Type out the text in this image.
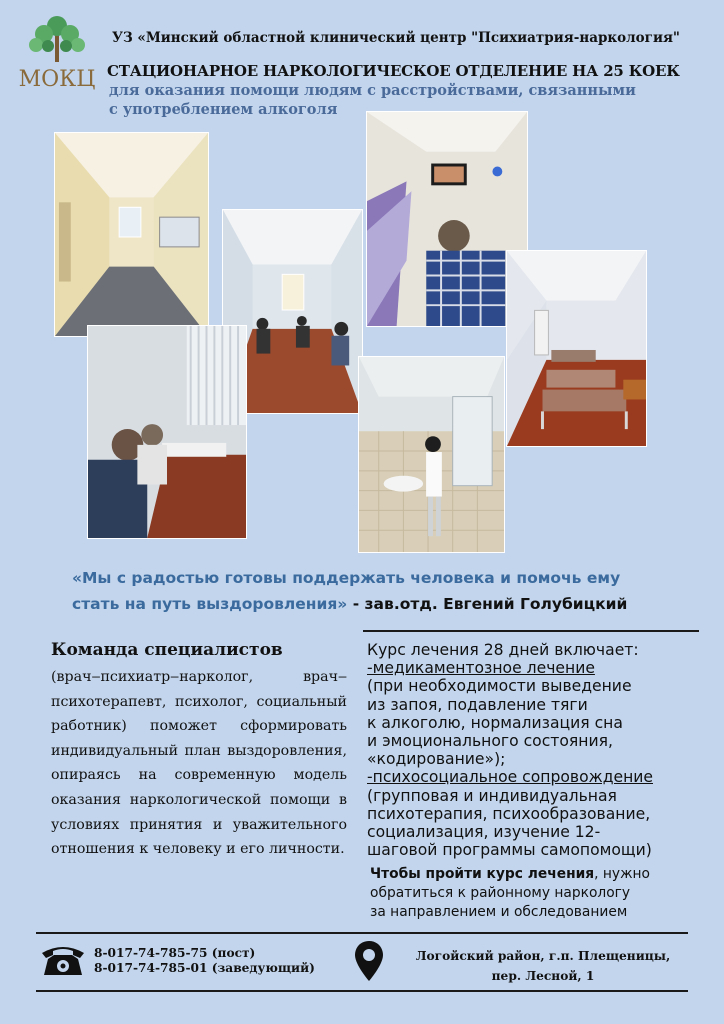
МОКЦ
УЗ «Минский областной клинический центр "Психиатрия-наркология"
СТАЦИОНАРНОЕ НАРКОЛОГИЧЕСКОЕ ОТДЕЛЕНИЕ НА 25 КОЕК
для оказания помощи людям с расстройствами, связанными
с употреблением алкоголя
«Мы с радостью готовы поддержать человека и помочь ему
стать на путь выздоровления» - зав.отд. Евгений Голубицкий
Команда специалистов
(врач‒психиатр‒нарколог, врач‒психотерапевт, психолог, социальный работник) поможет сформировать индивидуальный план выздоровления, опираясь на современную модель оказания наркологической помощи в условиях принятия и уважительного отношения к человеку и его личности.
Курс лечения 28 дней включает:
-медикаментозное лечение
(при необходимости выведение
из запоя, подавление тяги
к алкоголю, нормализация сна
и эмоционального состояния,
«кодирование»);
-психосоциальное сопровождение
(групповая и индивидуальная
психотерапия, психообразование,
социализация, изучение 12-
шаговой программы самопомощи)
Чтобы пройти курс лечения, нужно
обратиться к районному наркологу
за направлением и обследованием
8-017-74-785-75 (пост)
8-017-74-785-01 (заведующий)
Логойский район, г.п. Плещеницы,
пер. Лесной, 1
